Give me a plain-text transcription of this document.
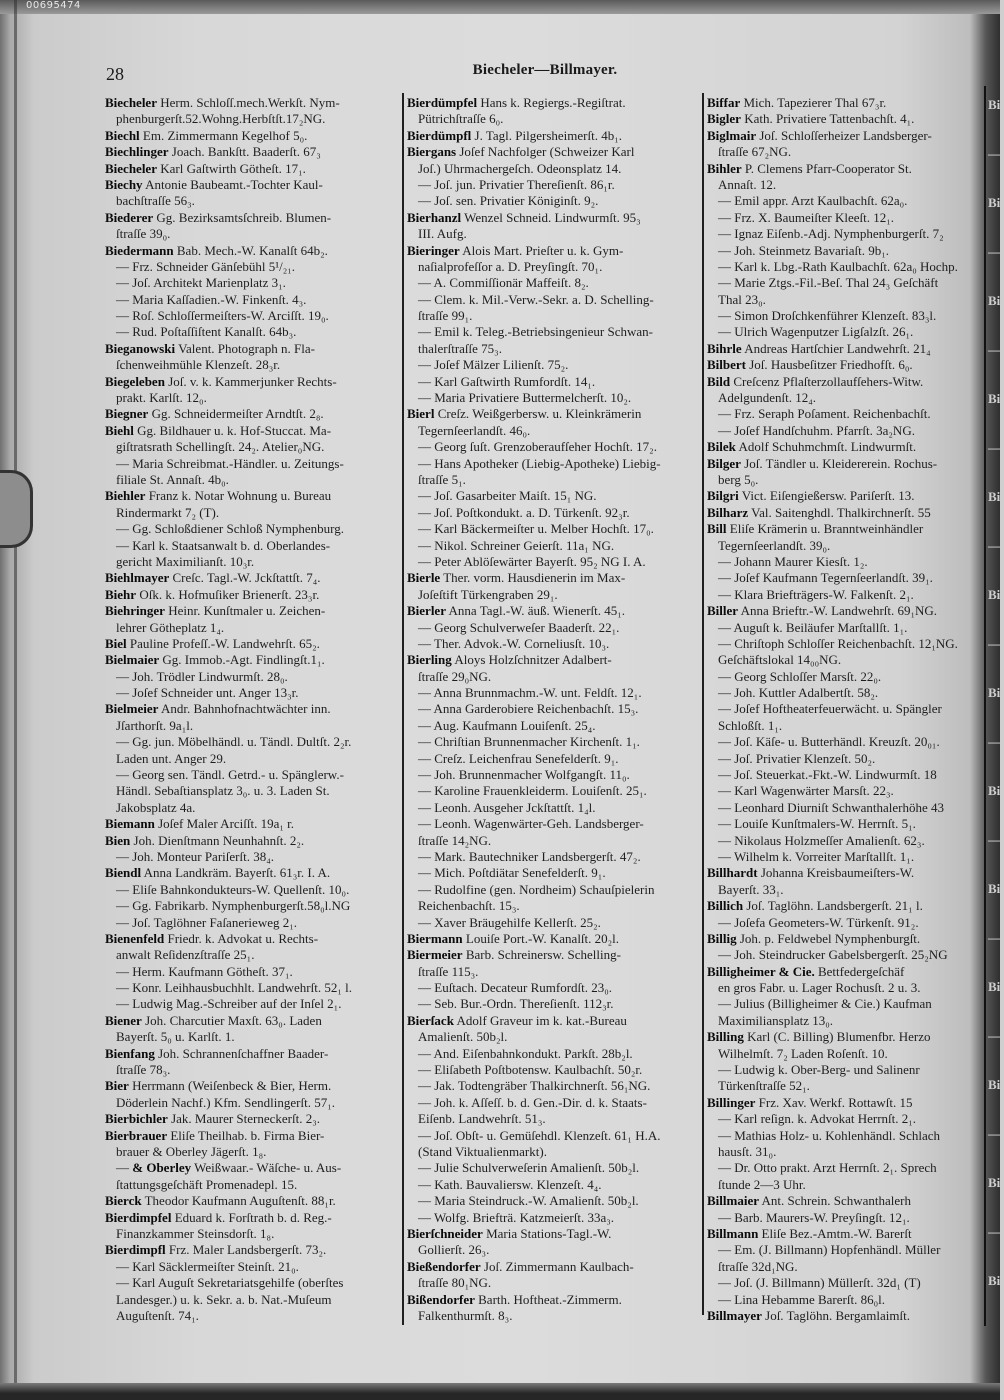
00695474
28	Biecheler—Billmayer.
Biecheler Herm. Schloſſ.mech.Werkſt. Nym-
phenburgerſt.52.Wohng.Herbſtſt.17₂NG.
Biechl Em. Zimmermann Kegelhof 5₀.
Biechlinger Joach. Bankſtt. Baaderſt. 67₃
Biecheler Karl Gaſtwirth Götheſt. 17₁.
Biechy Antonie Baubeamt.-Tochter Kaul-
bachſtraſſe 56₃.
Biederer Gg. Bezirksamtsſchreib. Blumen-
ſtraſſe 39₀.
Biedermann Bab. Mech.-W. Kanalſt 64b₂.
— Frz. Schneider Gänſebühl 5¹/₂₁.
— Joſ. Architekt Marienplatz 3₁.
— Maria Kaſſadien.-W. Finkenſt. 4₃.
— Roſ. Schloſſermeiſters-W. Arciſſt. 19₀.
— Rud. Poſtaſſiſtent Kanalſt. 64b₃.
Bieganowski Valent. Photograph n. Fla-
ſchenweihmühle Klenzeſt. 28₃r.
Biegeleben Joſ. v. k. Kammerjunker Rechts-
prakt. Karlſt. 12₀.
Biegner Gg. Schneidermeiſter Arndtſt. 2₈.
Biehl Gg. Bildhauer u. k. Hof-Stuccat. Ma-
giſtratsrath Schellingſt. 24₂. Atelier₀NG.
— Maria Schreibmat.-Händler. u. Zeitungs-
filiale St. Annaſt. 4b₀.
Biehler Franz k. Notar Wohnung u. Bureau
Rindermarkt 7₂ (T).
— Gg. Schloßdiener Schloß Nymphenburg.
— Karl k. Staatsanwalt b. d. Oberlandes-
gericht Maximilianſt. 10₃r.
Biehlmayer Creſc. Tagl.-W. Jckſtattſt. 7₄.
Biehr Oſk. k. Hofmuſiker Brienerſt. 23₃r.
Biehringer Heinr. Kunſtmaler u. Zeichen-
lehrer Götheplatz 1₄.
Biel Pauline Profeſſ.-W. Landwehrſt. 65₂.
Bielmaier Gg. Immob.-Agt. Findlingſt.1₁.
— Joh. Trödler Lindwurmſt. 28₀.
— Joſef Schneider unt. Anger 13₃r.
Bielmeier Andr. Bahnhofnachtwächter inn.
Jſarthorſt. 9a₁l.
— Gg. jun. Möbelhändl. u. Tändl. Dultſt. 2₂r.
Laden unt. Anger 29.
— Georg sen. Tändl. Getrd.- u. Spänglerw.-
Händl. Sebaſtiansplatz 3₀. u. 3. Laden St.
Jakobsplatz 4a.
Biemann Joſef Maler Arciſſt. 19a₁ r.
Bien Joh. Dienſtmann Neunhahnſt. 2₂.
— Joh. Monteur Pariſerſt. 38₄.
Biendl Anna Landkräm. Bayerſt. 61₃r. I. A.
— Eliſe Bahnkondukteurs-W. Quellenſt. 10₀.
— Gg. Fabrikarb. Nymphenburgerſt.58₀l.NG
— Joſ. Taglöhner Faſanerieweg 2₁.
Bienenfeld Friedr. k. Advokat u. Rechts-
anwalt Reſidenzſtraſſe 25₁.
— Herm. Kaufmann Götheſt. 37₁.
— Konr. Leihhausbuchhlt. Landwehrſt. 52₁ l.
— Ludwig Mag.-Schreiber auf der Inſel 2₁.
Biener Joh. Charcutier Maxſt. 63₀. Laden
Bayerſt. 5₀ u. Karlſt. 1.
Bienfang Joh. Schrannenſchaffner Baader-
ſtraſſe 78₃.
Bier Herrmann (Weiſenbeck & Bier, Herm.
Döderlein Nachf.) Kfm. Sendlingerſt. 57₁.
Bierbichler Jak. Maurer Sterneckerſt. 2₃.
Bierbrauer Eliſe Theilhab. b. Firma Bier-
brauer & Oberley Jägerſt. 1₈.
— & Oberley Weißwaar.- Wäſche- u. Aus-
ſtattungsgeſchäft Promenadepl. 15.
Bierck Theodor Kaufmann Auguſtenſt. 88₁r.
Bierdimpfel Eduard k. Forſtrath b. d. Reg.-
Finanzkammer Steinsdorſt. 1₈.
Bierdimpfl Frz. Maler Landsbergerſt. 73₂.
— Karl Säcklermeiſter Steinſt. 21₀.
— Karl Auguſt Sekretariatsgehilfe (oberſtes
Landesger.) u. k. Sekr. a. b. Nat.-Muſeum
Auguſtenſt. 74₁.
Bierdümpfel Hans k. Regiergs.-Regiſtrat.
Pütrichſtraſſe 6₀.
Bierdümpfl J. Tagl. Pilgersheimerſt. 4b₁.
Biergans Joſef Nachfolger (Schweizer Karl
Joſ.) Uhrmachergeſch. Odeonsplatz 14.
— Joſ. jun. Privatier Thereſienſt. 86₁r.
— Joſ. sen. Privatier Königinſt. 9₂.
Bierhanzl Wenzel Schneid. Lindwurmſt. 95₃
III. Aufg.
Bieringer Alois Mart. Prieſter u. k. Gym-
naſialprofeſſor a. D. Preyſingſt. 70₁.
— A. Commiſſionär Maffeiſt. 8₂.
— Clem. k. Mil.-Verw.-Sekr. a. D. Schelling-
ſtraſſe 99₁.
— Emil k. Teleg.-Betriebsingenieur Schwan-
thalerſtraſſe 75₃.
— Joſef Mälzer Lilienſt. 75₂.
— Karl Gaſtwirth Rumfordſt. 14₁.
— Maria Privatiere Buttermelcherſt. 10₂.
Bierl Creſz. Weißgerbersw. u. Kleinkrämerin
Tegernſeerlandſt. 46₀.
— Georg ſuſt. Grenzoberaufſeher Hochſt. 17₂.
— Hans Apotheker (Liebig-Apotheke) Liebig-
ſtraſſe 5₁.
— Joſ. Gasarbeiter Maiſt. 15₁ NG.
— Joſ. Poſtkondukt. a. D. Türkenſt. 92₃r.
— Karl Bäckermeiſter u. Melber Hochſt. 17₀.
— Nikol. Schreiner Geierſt. 11a₁ NG.
— Peter Ablöſewärter Bayerſt. 95₂ NG I. A.
Bierle Ther. vorm. Hausdienerin im Max-
Joſeſtift Türkengraben 29₁.
Bierler Anna Tagl.-W. äuß. Wienerſt. 45₁.
— Georg Schulverweſer Baaderſt. 22₁.
— Ther. Advok.-W. Corneliusſt. 10₃.
Bierling Aloys Holzſchnitzer Adalbert-
ſtraſſe 29₀NG.
— Anna Brunnmachm.-W. unt. Feldſt. 12₁.
— Anna Garderobiere Reichenbachſt. 15₃.
— Aug. Kaufmann Louiſenſt. 25₄.
— Chriſtian Brunnenmacher Kirchenſt. 1₁.
— Creſz. Leichenfrau Senefelderſt. 9₁.
— Joh. Brunnenmacher Wolfgangſt. 11₀.
— Karoline Frauenkleiderm. Louiſenſt. 25₁.
— Leonh. Ausgeher Jckſtattſt. 1₄l.
— Leonh. Wagenwärter-Geh. Landsberger-
ſtraſſe 14₂NG.
— Mark. Bautechniker Landsbergerſt. 47₂.
— Mich. Poſtdiätar Senefelderſt. 9₁.
— Rudolfine (gen. Nordheim) Schauſpielerin
Reichenbachſt. 15₃.
— Xaver Bräugehilfe Kellerſt. 25₂.
Biermann Louiſe Port.-W. Kanalſt. 20₂l.
Biermeier Barb. Schreinersw. Schelling-
ſtraſſe 115₃.
— Euſtach. Decateur Rumfordſt. 23₀.
— Seb. Bur.-Ordn. Thereſienſt. 112₃r.
Bierſack Adolf Graveur im k. kat.-Bureau
Amalienſt. 50b₂l.
— And. Eiſenbahnkondukt. Parkſt. 28b₂l.
— Eliſabeth Poſtbotensw. Kaulbachſt. 50₂r.
— Jak. Todtengräber Thalkirchnerſt. 56₁NG.
— Joh. k. Aſſeſſ. b. d. Gen.-Dir. d. k. Staats-
Eiſenb. Landwehrſt. 51₃.
— Joſ. Obſt- u. Gemüſehdl. Klenzeſt. 61₁ H.A.
(Stand Viktualienmarkt).
— Julie Schulverweſerin Amalienſt. 50b₂l.
— Kath. Bauvaliersw. Klenzeſt. 4₄.
— Maria Steindruck.-W. Amalienſt. 50b₂l.
— Wolfg. Briefträ. Katzmeierſt. 33a₃.
Bierſchneider Maria Stations-Tagl.-W.
Gollierſt. 26₃.
Bießendorfer Joſ. Zimmermann Kaulbach-
ſtraſſe 80₁NG.
Bißendorfer Barth. Hoftheat.-Zimmerm.
Falkenthurmſt. 8₃.
Biffar Mich. Tapezierer Thal 67₃r.
Bigler Kath. Privatiere Tattenbachſt. 4₁.
Biglmair Joſ. Schloſſerheizer Landsberger-
ſtraſſe 67₂NG.
Bihler P. Clemens Pfarr-Cooperator St.
Annaſt. 12.
— Emil appr. Arzt Kaulbachſt. 62a₀.
— Frz. X. Baumeiſter Kleeſt. 12₁.
— Ignaz Eiſenb.-Adj. Nymphenburgerſt. 7₂
— Joh. Steinmetz Bavariaſt. 9b₁.
— Karl k. Lbg.-Rath Kaulbachſt. 62a₀ Hochp.
— Marie Ztgs.-Fil.-Beſ. Thal 24₃ Geſchäft
Thal 23₀.
— Simon Droſchkenführer Klenzeſt. 83₃l.
— Ulrich Wagenputzer Ligſalzſt. 26₁.
Bihrle Andreas Hartſchier Landwehrſt. 21₄
Bilbert Joſ. Hausbeſitzer Friedhofſt. 6₀.
Bild Creſcenz Pflaſterzollaufſehers-Witw.
Adelgundenſt. 12₄.
— Frz. Seraph Poſament. Reichenbachſt.
— Joſef Handſchuhm. Pfarrſt. 3a₂NG.
Bilek Adolf Schuhmchmſt. Lindwurmſt.
Bilger Joſ. Tändler u. Kleidererein. Rochus-
berg 5₀.
Bilgri Vict. Eiſengießersw. Pariſerſt. 13.
Bilharz Val. Saitenghdl. Thalkirchnerſt. 55
Bill Eliſe Krämerin u. Branntweinhändler
Tegernſeerlandſt. 39₀.
— Johann Maurer Kiesſt. 1₂.
— Joſef Kaufmann Tegernſeerlandſt. 39₁.
— Klara Briefträgers-W. Falkenſt. 2₁.
Biller Anna Brieftr.-W. Landwehrſt. 69₁NG.
— Auguſt k. Beiläufer Marſtallſt. 1₁.
— Chriſtoph Schloſſer Reichenbachſt. 12₁NG.
Geſchäftslokal 14₀₀NG.
— Georg Schloſſer Marsſt. 22₀.
— Joh. Kuttler Adalbertſt. 58₂.
— Joſef Hoftheaterfeuerwächt. u. Spängler
Schloßſt. 1₁.
— Joſ. Käſe- u. Butterhändl. Kreuzſt. 20₀₁.
— Joſ. Privatier Klenzeſt. 50₂.
— Joſ. Steuerkat.-Fkt.-W. Lindwurmſt. 18
— Karl Wagenwärter Marsſt. 22₃.
— Leonhard Diurniſt Schwanthalerhöhe 43
— Louiſe Kunſtmalers-W. Herrnſt. 5₁.
— Nikolaus Holzmeſſer Amalienſt. 62₃.
— Wilhelm k. Vorreiter Marſtallſt. 1₁.
Billhardt Johanna Kreisbaumeiſters-W.
Bayerſt. 33₁.
Billich Joſ. Taglöhn. Landsbergerſt. 21₁ l.
— Joſefa Geometers-W. Türkenſt. 91₂.
Billig Joh. p. Feldwebel Nymphenburgſt.
— Joh. Steindrucker Gabelsbergerſt. 25₂NG
Billigheimer & Cie. Bettfedergeſchäf
en gros Fabr. u. Lager Rochusſt. 2 u. 3.
— Julius (Billigheimer & Cie.) Kaufman
Maximiliansplatz 13₀.
Billing Karl (C. Billing) Blumenfbr. Herzo
Wilhelmſt. 7₂ Laden Roſenſt. 10.
— Ludwig k. Ober-Berg- und Salinenr
Türkenſtraſſe 52₁.
Billinger Frz. Xav. Werkf. Rottawſt. 15
— Karl reſign. k. Advokat Herrnſt. 2₁.
— Mathias Holz- u. Kohlenhändl. Schlach
hausſt. 31₀.
— Dr. Otto prakt. Arzt Herrnſt. 2₁. Sprech
ſtunde 2—3 Uhr.
Billmaier Ant. Schrein. Schwanthalerh
— Barb. Maurers-W. Preyſingſt. 12₁.
Billmann Eliſe Bez.-Amtm.-W. Barerſt
— Em. (J. Billmann) Hopfenhändl. Müller
ſtraſſe 32d₁NG.
— Joſ. (J. Billmann) Müllerſt. 32d₁ (T)
— Lina Hebamme Barerſt. 86₀l.
Billmayer Joſ. Taglöhn. Bergamlaimſt.
Bi
—
Bil
—
Bil
—
Bil
—
Bil
—
Bil
—
Bil
—
Bil
—
Bil
—
Bil
—
Bil
—
Bil
—
Bil
